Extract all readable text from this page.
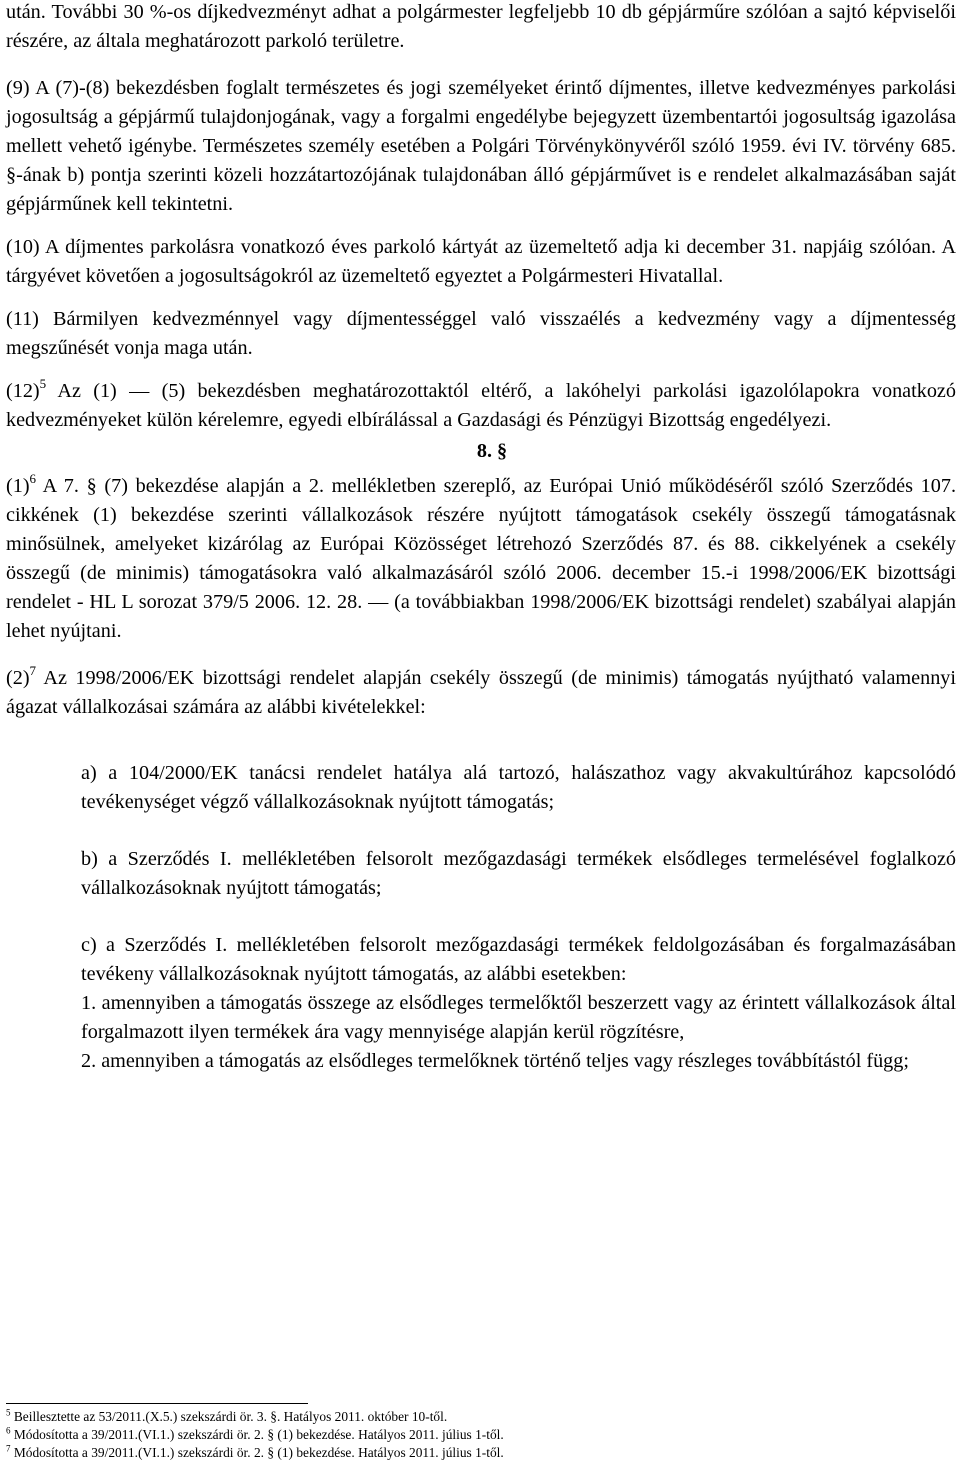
után. További 30 %-os díjkedvezményt adhat a polgármester legfeljebb 10 db gépjárműre szólóan a sajtó képviselői részére, az általa meghatározott parkoló területre.

(9) A (7)-(8) bekezdésben foglalt természetes és jogi személyeket érintő díjmentes, illetve kedvezményes parkolási jogosultság a gépjármű tulajdonjogának, vagy a forgalmi engedélybe bejegyzett üzembentartói jogosultság igazolása mellett vehető igénybe. Természetes személy esetében a Polgári Törvénykönyvéről szóló 1959. évi IV. törvény 685. §-ának b) pontja szerinti közeli hozzátartozójának tulajdonában álló gépjárművet is e rendelet alkalmazásában saját gépjárműnek kell tekintetni.

(10) A díjmentes parkolásra vonatkozó éves parkoló kártyát az üzemeltető adja ki december 31. napjáig szólóan. A tárgyévet követően a jogosultságokról az üzemeltető egyeztet a Polgármesteri Hivatallal.

(11) Bármilyen kedvezménnyel vagy díjmentességgel való visszaélés a kedvezmény vagy a díjmentesség megszűnését vonja maga után.

$(12)^5$ Az (1) — (5) bekezdésben meghatározottaktól eltérő, a lakóhelyi parkolási igazolólapokra vonatkozó kedvezményeket külön kérelemre, egyedi elbírálással a Gazdasági és Pénzügyi Bizottság engedélyezi.

8. §

$(1)^6$ A 7. § (7) bekezdése alapján a 2. mellékletben szereplő, az Európai Unió működéséről szóló Szerződés 107. cikkének (1) bekezdése szerinti vállalkozások részére nyújtott támogatások csekély összegű támogatásnak minősülnek, amelyeket kizárólag az Európai Közösséget létrehozó Szerződés 87. és 88. cikkelyének a csekély összegű (de minimis) támogatásokra való alkalmazásáról szóló 2006. december 15.-i 1998/2006/EK bizottsági rendelet - HL L sorozat 379/5 2006. 12. 28. — (a továbbiakban 1998/2006/EK bizottsági rendelet) szabályai alapján lehet nyújtani.

$(2)^7$ Az 1998/2006/EK bizottsági rendelet alapján csekély összegű (de minimis) támogatás nyújtható valamennyi ágazat vállalkozásai számára az alábbi kivételekkel:

a) a 104/2000/EK tanácsi rendelet hatálya alá tartozó, halászathoz vagy akvakultúrához kapcsolódó tevékenységet végző vállalkozásoknak nyújtott támogatás;

b) a Szerződés I. mellékletében felsorolt mezőgazdasági termékek elsődleges termelésével foglalkozó vállalkozásoknak nyújtott támogatás;

c) a Szerződés I. mellékletében felsorolt mezőgazdasági termékek feldolgozásában és forgalmazásában tevékeny vállalkozásoknak nyújtott támogatás, az alábbi esetekben:

1. amennyiben a támogatás összege az elsődleges termelőktől beszerzett vagy az érintett vállalkozások által forgalmazott ilyen termékek ára vagy mennyisége alapján kerül rögzítésre,

2. amennyiben a támogatás az elsődleges termelőknek történő teljes vagy részleges továbbítástól függ;

$^5$ Beillesztette az 53/2011.(X.5.) szekszárdi ör. 3. §. Hatályos 2011. október 10-től.

$^6$ Módosította a 39/2011.(VI.1.) szekszárdi ör. 2. § (1) bekezdése. Hatályos 2011. július 1-től.

$^7$ Módosította a 39/2011.(VI.1.) szekszárdi ör. 2. § (1) bekezdése. Hatályos 2011. július 1-től.
